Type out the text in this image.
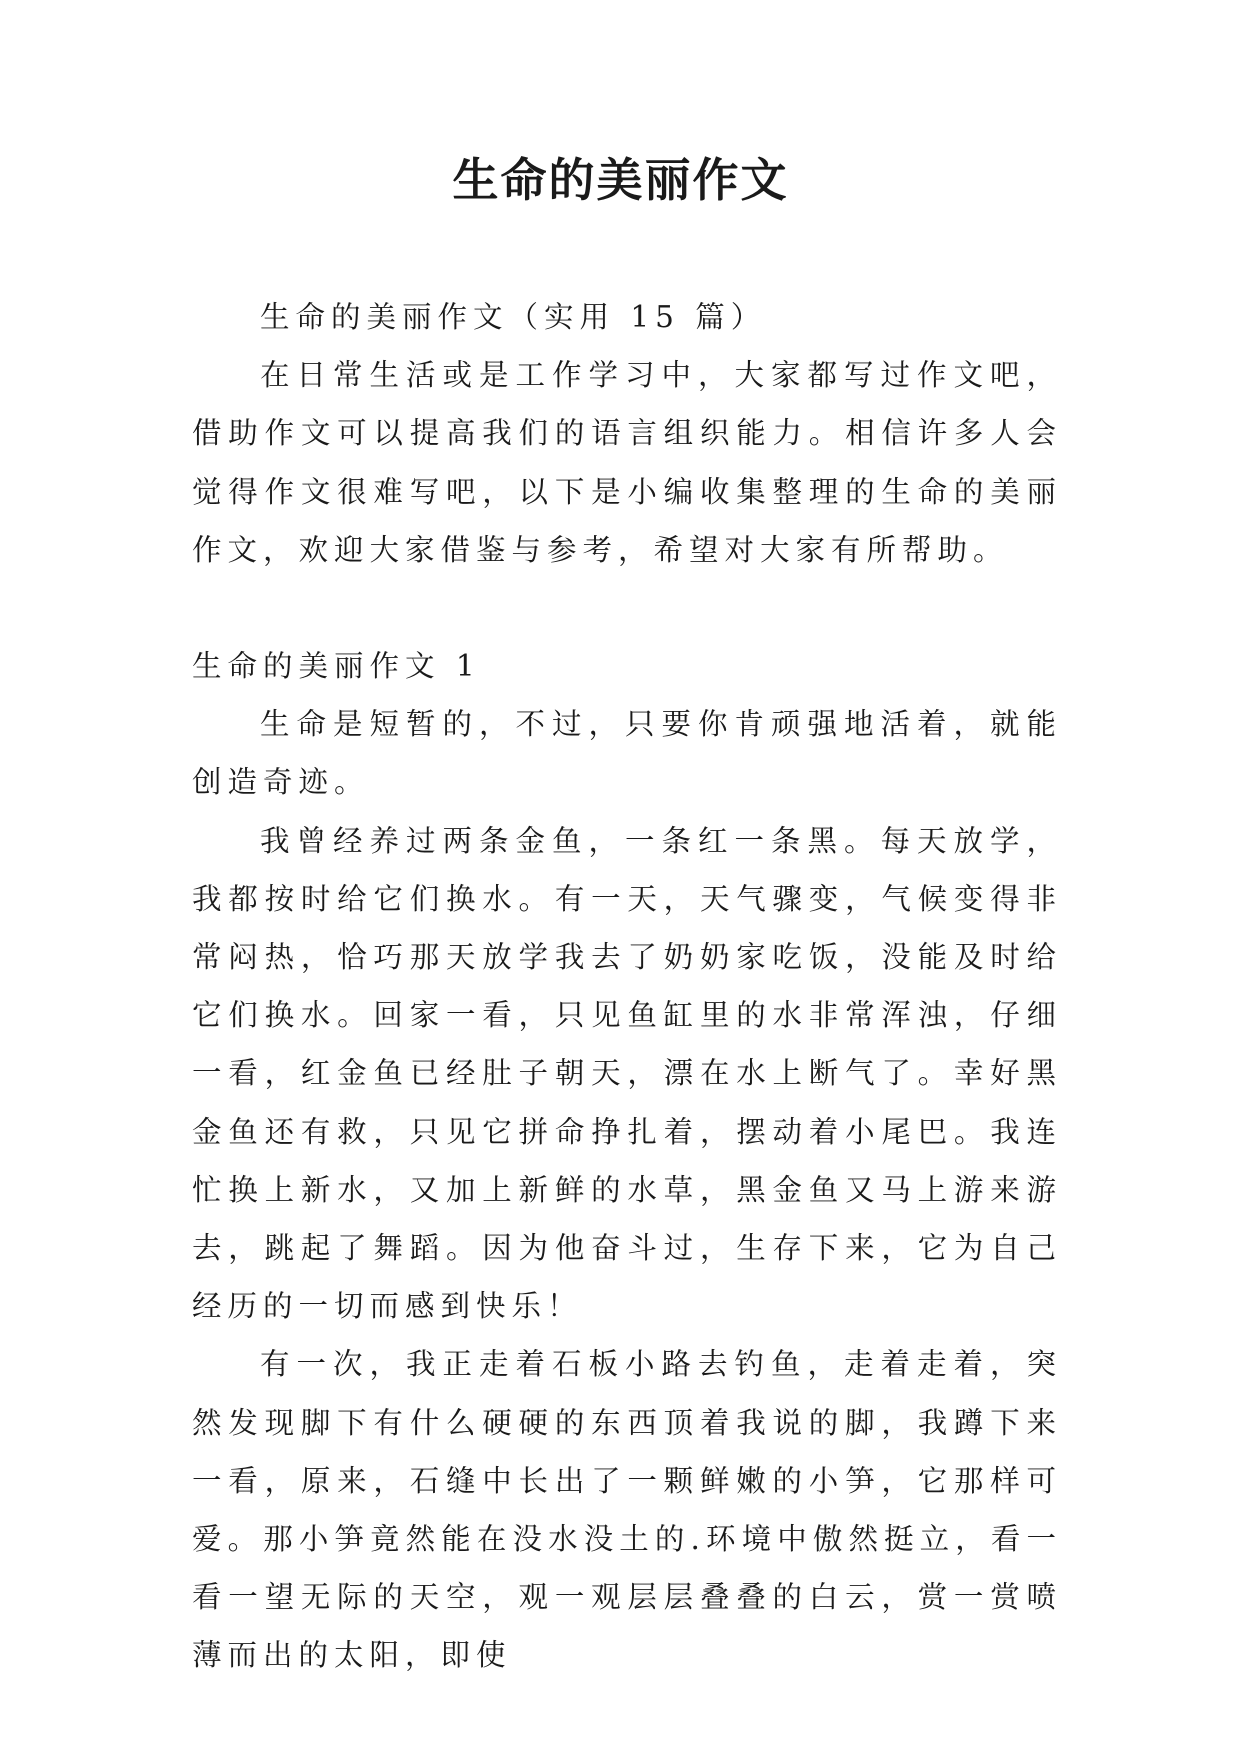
生命的美丽作文

生命的美丽作文（实用 15 篇）

在日常生活或是工作学习中，大家都写过作文吧，借助作文可以提高我们的语言组织能力。相信许多人会觉得作文很难写吧，以下是小编收集整理的生命的美丽作文，欢迎大家借鉴与参考，希望对大家有所帮助。

生命的美丽作文 1

生命是短暂的，不过，只要你肯顽强地活着，就能创造奇迹。

我曾经养过两条金鱼，一条红一条黑。每天放学，我都按时给它们换水。有一天，天气骤变，气候变得非常闷热，恰巧那天放学我去了奶奶家吃饭，没能及时给它们换水。回家一看，只见鱼缸里的水非常浑浊，仔细一看，红金鱼已经肚子朝天，漂在水上断气了。幸好黑金鱼还有救，只见它拼命挣扎着，摆动着小尾巴。我连忙换上新水，又加上新鲜的水草，黑金鱼又马上游来游去，跳起了舞蹈。因为他奋斗过，生存下来，它为自己经历的一切而感到快乐！

有一次，我正走着石板小路去钓鱼，走着走着，突然发现脚下有什么硬硬的东西顶着我说的脚，我蹲下来一看，原来，石缝中长出了一颗鲜嫩的小笋，它那样可爱。那小笋竟然能在没水没土的.环境中傲然挺立，看一看一望无际的天空，观一观层层叠叠的白云，赏一赏喷薄而出的太阳，即使
